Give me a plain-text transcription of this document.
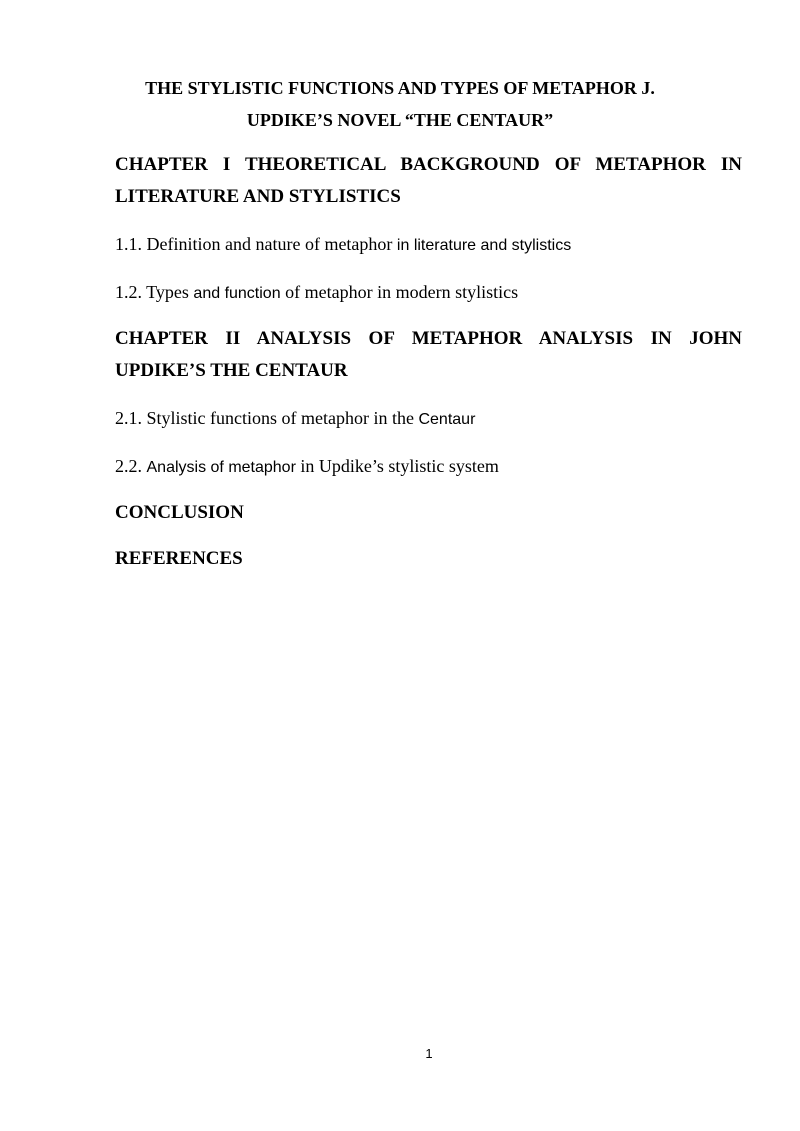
THE STYLISTIC FUNCTIONS AND TYPES OF METAPHOR J.
UPDIKE’S NOVEL “THE CENTAUR”
CHAPTER I THEORETICAL BACKGROUND OF METAPHOR IN
LITERATURE AND STYLISTICS
1.1. Definition and nature of metaphor in literature and stylistics
1.2. Types and function of metaphor in modern stylistics
CHAPTER II ANALYSIS OF METAPHOR ANALYSIS IN JOHN
UPDIKE’S THE CENTAUR
2.1. Stylistic functions of metaphor in the Centaur
2.2. Analysis of metaphor in Updike’s stylistic system
CONCLUSION
REFERENCES
1
